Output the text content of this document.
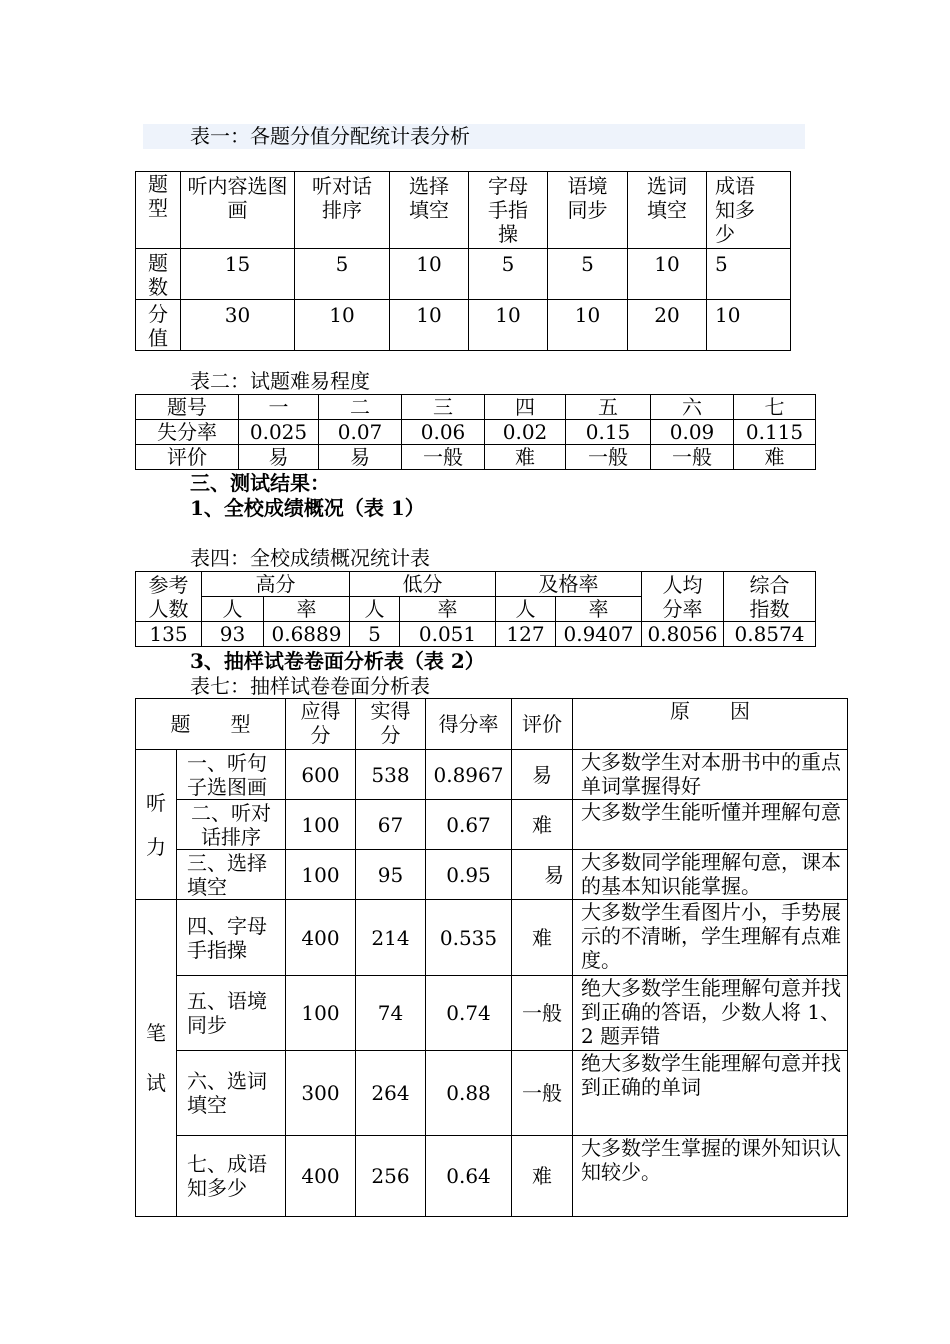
表一：各题分值分配统计表分析
题型	听内容选图画	听对话排序	选择填空	字母手指操	语境同步	选词填空	成语知多少
题数	15	5	10	5	5	10	5
分值	30	10	10	10	10	20	10
表二：试题难易程度
题号	一	二	三	四	五	六	七
失分率	0.025	0.07	0.06	0.02	0.15	0.09	0.115
评价	易	易	一般	难	一般	一般	难
三、测试结果：
1、全校成绩概况（表 1）
表四：全校成绩概况统计表
参考人数	高分		低分		及格率		人均分率	综合指数
	人	率	人	率	人	率		
135	93	0.6889	5	0.051	127	0.9407	0.8056	0.8574
3、抽样试卷卷面分析表（表 2）
表七：抽样试卷卷面分析表
题　　型		应得分	实得分	得分率	评价	原　　因
听力	一、听句子选图画	600	538	0.8967	易	大多数学生对本册书中的重点单词掌握得好
	二、听对话排序	100	67	0.67	难	大多数学生能听懂并理解句意
	三、选择填空	100	95	0.95	易	大多数同学能理解句意，课本的基本知识能掌握。
笔试	四、字母手指操	400	214	0.535	难	大多数学生看图片小，手势展示的不清晰，学生理解有点难度。
	五、语境同步	100	74	0.74	一般	绝大多数学生能理解句意并找到正确的答语，少数人将 1、2 题弄错
	六、选词填空	300	264	0.88	一般	绝大多数学生能理解句意并找到正确的单词
	七、成语知多少	400	256	0.64	难	大多数学生掌握的课外知识认知较少。
